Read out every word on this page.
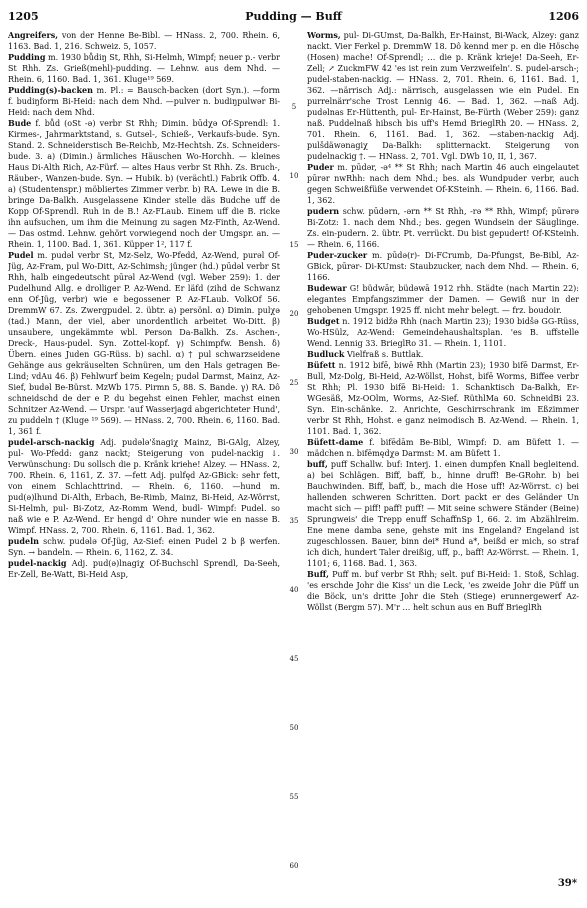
1205	Pudding — Buff	1206

Angreifers, von der Henne Be-Bibl. — HNass. 2, 700. Rhein. 6, 1163. Bad. 1, 216. Schweiz. 5, 1057.

Pudding m. 1930 bůdiŋ St, Rhh, Si-Helmh, Wimpf; neuer p.- verbr St Rhh. Zs. Grieß(mehl)-pudding. — Lehnw. aus dem Nhd. — Rhein. 6, 1160. Bad. 1, 361. Kluge¹⁹ 569.

Pudding(s)-backen m. Pl.: = Bausch-backen (dort Syn.). —form f. budiŋform Bi-Heid: nach dem Nhd. —pulver n. budiŋpulwər Bi-Heid: nach dem Nhd.

Bude f. bůd (oSt -ə) verbr St Rhh; Dimin. būdχə Of-Sprendl: 1. Kirmes-, Jahrmarktstand, s. Gutsel-, Schieß-, Verkaufs-bude. Syn. Stand. 2. Schneiderstisch Be-Reichb, Mz-Hechtsh. Zs. Schneiders-bude. 3. a) (Dimin.) ärmliches Häuschen Wo-Horchh. — kleines Haus Di-Alth Rich, Az-Fürf. — altes Haus verbr St Rhh. Zs. Bruch-, Räuber-, Wanzen-bude. Syn. → Hubik. b) (verächtl.) Fabrik Offb. 4. a) (Studentenspr.) möbliertes Zimmer verbr. b) RA. Lewe in die B. bringe Da-Balkh. Ausgelassene Kinder stelle däs Budche uff de Kopp Of-Sprendl. Ruh in de B.! Az-FLaub. Einem uff die B. ricke ihn aufsuchen, um ihm die Meinung zu sagen Mz-Finth, Az-Wend. — Das ostmd. Lehnw. gehört vorwiegend noch der Umgspr. an. — Rhein. 1, 1100. Bad. 1, 361. Küpper 1², 117 f.

Pudel m. pudəl verbr St, Mz-Selz, Wo-Pfedd, Az-Wend, purəl Of-Jüg, Az-Fram, pul Wo-Ditt, Az-Schimsh; jünger (hd.) pūdəl verbr St Rhh, halb eingedeutscht pūrəl Az-Wend (vgl. Weber 259): 1. der Pudelhund Allg. e drolliger P. Az-Wend. Er läfd (zihd de Schwanz enn Of-Jüg, verbr) wie e begossener P. Az-FLaub. VolkOf 56. DremmW 67. Zs. Zwergpudel. 2. übtr. a) persönl. α) Dimin. pulχə (tad.) Mann, der viel, aber unordentlich arbeitet Wo-Ditt. β) unsaubere, ungekämmte wbl. Person Da-Balkh. Zs. Aschen-, Dreck-, Haus-pudel. Syn. Zottel-kopf. γ) Schimpfw. Bensh. δ) Übern. eines Juden GG-Rüss. b) sachl. α) † pul schwarzseidene Gehänge aus gekräuselten Schnüren, um den Hals getragen Be-Lind; vdAu 46. β) Fehlwurf beim Kegeln; pudəl Darmst, Mainz, Az-Sief, budəl Be-Bürst. MzWb 175. Pirmn 5, 88. S. Bande. γ) RA. Dô schneidschd de der e P. du begehst einen Fehler, machst einen Schnitzer Az-Wend. — Urspr. 'auf Wasserjagd abgerichteter Hund', zu puddeln † (Kluge ¹⁹ 569). — HNass. 2, 700. Rhein. 6, 1160. Bad. 1, 361 f.

pudel-arsch-nackig Adj. pudələ'šnagiχ Mainz, Bi-GAlg, Alzey, pul- Wo-Pfedd: ganz nackt; Steigerung von pudel-nackig ↓. Verwünschung: Du sollsch die p. Kränk kriehe! Alzey. — HNass. 2, 700. Rhein. 6, 1161, Z. 37. —fett Adj. pulfęd Az-GBick: sehr fett, von einem Schlachttrind. — Rhein. 6, 1160. —hund m. pud(ə)lhund Di-Alth, Erbach, Be-Rimb, Mainz, Bi-Heid, Az-Wörrst, Si-Helmh, pul- Bi-Zotz, Az-Romm Wend, budl- Wimpf: Pudel. so naß wie e P. Az-Wend. Er hengd d' Ohre nunder wie en nasse B. Wimpf. HNass. 2, 700. Rhein. 6, 1161. Bad. 1, 362.

pudeln schw. pudələ Of-Jüg, Az-Sief: einen Pudel 2 b β werfen. Syn. → bandeln. — Rhein. 6, 1162, Z. 34.

pudel-nackig Adj. pud(ə)lnagiχ Of-Buchschl Sprendl, Da-Seeh, Er-Zell, Be-Watt, Bi-Heid Asp,

5
10
15
20
25
30
35
40
45
50
55
60

Worms, pul- Di-GUmst, Da-Balkh, Er-Hainst, Bi-Wack, Alzey: ganz nackt. Vier Ferkel p. DremmW 18. Dô kennd mer p. en die Höschẹ (Hosen) mache! Of-Sprendl; … die p. Kränk krieje! Da-Seeh, Er-Zell; ↗ ZuckmFW 42 'es ist rein zum Verzweifeln'. S. pudel-arsch-; pudel-staben-nackig. — HNass. 2, 701. Rhein. 6, 1161. Bad. 1, 362. —närrisch Adj.: närrisch, ausgelassen wie ein Pudel. En purrelnärr'sche Trost Lennig 46. — Bad. 1, 362. —naß Adj. pudəlnas Er-Hüttenth, pul- Er-Hainst, Be-Fürth (Weber 259): ganz naß. Puddelnaß hibsch bis uff's Hemd BrieglRh 20. — HNass. 2, 701. Rhein. 6, 1161. Bad. 1, 362. —staben-nackig Adj. pulšdäwənagiχ Da-Balkh: splitternackt. Steigerung von pudelnackig †. — HNass. 2, 701. Vgl. DWb 10, II, 1, 367.

Puder m. pūdər, -ə⁴ ** St Rhh; nach Martin 46 auch eingelautet pūrər nwRhh: nach dem Nhd.; bes. als Wundpuder verbr, auch gegen Schweißfüße verwendet Of-KSteinh. — Rhein. 6, 1166. Bad. 1, 362.

pudern schw. pūdərn, -ərn ** St Rhh, -rə ** Rhh, Wimpf; pūrərə Bi-Zotz: 1. nach dem Nhd.; bes. gegen Wundsein der Säuglinge. Zs. ein-pudern. 2. übtr. Pt. verrückt. Du bist gepudert! Of-KSteinh. — Rhein. 6, 1166.

Puder-zucker m. pūdə(r)- Di-FCrumb, Da-Pfungst, Be-Bibl, Az-GBick, pūrər- Di-KUmst: Staubzucker, nach dem Nhd. — Rhein. 6, 1166.

Budewar G! büdwār, büdəwā 1912 rhh. Städte (nach Martin 22): elegantes Empfangszimmer der Damen. — Gewiß nur in der gehobenen Umgspr. 1925 ff. nicht mehr belegt. — frz. boudoir.

Budget n. 1912 bidžə Rhh (nach Martin 23); 1930 bidšə GG-Rüss, Wo-HSülz, Az-Wend: Gemeindehaushaltsplan. 'es B. uffstelle Wend. Lennig 33. BrieglRo 31. — Rhein. 1, 1101.

Budluck Vielfraß s. Buttlak.

Büfett n. 1912 bifē, biwē Rhh (Martin 23); 1930 bifē Darmst, Er-Bull, Mz-Dolg, Bi-Heid, Az-Wöllst, Hohst, bifē Worms, Biffee verbr St Rhh; Pl. 1930 bifē Bi-Heid: 1. Schanktisch Da-Balkh, Er-WGesäß, Mz-OOlm, Worms, Az-Sief. RüthlMa 60. SchneidBi 23. Syn. Ein-schänke. 2. Anrichte, Geschirrschrank im Eßzimmer verbr St Rhh, Hohst. e ganz neimodisch B. Az-Wend. — Rhein. 1, 1101. Bad. 1, 362.

Büfett-dame f. bifēdām Be-Bibl, Wimpf: D. am Büfett 1. —mädchen n. bifēmędχə Darmst: M. am Büfett 1.

buff, puff Schallw. buf: Interj. 1. einen dumpfen Knall begleitend. a) bei Schlägen. Biff, baff, b., hinne druff! Be-GRohr. b) bei Bauchwinden. Biff, baff, b., mach die Hose uff! Az-Wörrst. c) bei hallenden schweren Schritten. Dort packt er des Geländer Un macht sich — piff! paff! puff! — Mit seine schwere Ständer (Beine) Sprungweis' die Trepp enuff SchaffnSp 1, 66. 2. im Abzählreim. Ene mene damba sene, gehste mit ins Engeland? Engeland ist zugeschlossen. Bauer, binn dei* Hund a*, beißd er mich, so straf ich dich, hundert Taler dreißig, uff, p., baff! Az-Wörrst. — Rhein. 1, 1101; 6, 1168. Bad. 1, 363.

Buff, Puff m. buf verbr St Rhh; selt. puf Bi-Heid: 1. Stoß, Schlag. 'es erschde Johr die Kiss' un die Leck, 'es zweide Johr die Püff un die Böck, un's dritte Johr die Steh (Stiege) erunnergewerf Az-Wöllst (Bergm 57). M'r … helt schun aus en Buff BrieglRh

39*
